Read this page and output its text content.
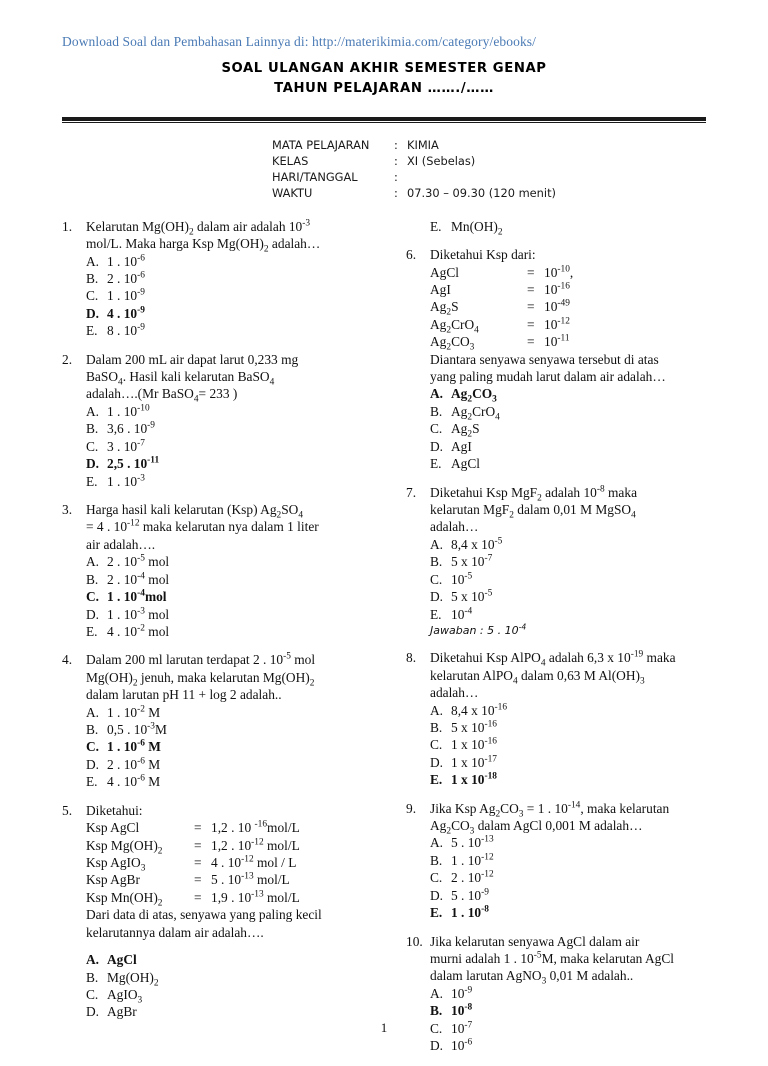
Download Soal dan Pembahasan Lainnya di: http://materikimia.com/category/ebooks/
SOAL ULANGAN AKHIR SEMESTER GENAP
TAHUN PELAJARAN ……./……
MATA PELAJARAN	: KIMIA
KELAS	: XI (Sebelas)
HARI/TANGGAL	:
WAKTU	: 07.30 – 09.30 (120 menit)
1.	Kelarutan $Mg(OH)_2$ dalam air adalah $10^{-3}$
mol/L. Maka harga Ksp $Mg(OH)_2$ adalah…
A. 1 . $10^{-6}$
B. 2 . $10^{-6}$
C. 1 . $10^{-9}$
D. 4 . $10^{-9}$
E. 8 . $10^{-9}$
2.	Dalam 200 mL air dapat larut 0,233 mg
BaSO$_4$. Hasil kali kelarutan BaSO$_4$
adalah….(Mr BaSO$_4$= 233 )
A. 1 . $10^{-10}$
B. 3,6 . $10^{-9}$
C. 3 . $10^{-7}$
D. 2,5 . $10^{-11}$
E. 1 . $10^{-3}$
3.	Harga hasil kali kelarutan (Ksp) $Ag_2SO_4$
= 4 . $10^{-12}$ maka kelarutan nya dalam 1 liter
air adalah….
A. 2 . $10^{-5}$ mol
B. 2 . $10^{-4}$ mol
C. 1 . $10^{-4}mol$
D. 1 . $10^{-3}$ mol
E. 4 . $10^{-2}$ mol
4.	Dalam 200 ml larutan terdapat 2 . $10^{-5}$ mol
$Mg(OH)_2$ jenuh, maka kelarutan $Mg(OH)_2$
dalam larutan pH 11 + log 2 adalah..
A. 1 . $10^{-2}$ M
B. 0,5 . $10^{-3}M$
C. 1 . $10^{-6}$ M
D. 2 . $10^{-6}$ M
E. 4 . $10^{-6}$ M
5.	Diketahui:
Ksp AgCl	= 1,2 . 10 $^{-16}$mol/L
Ksp $Mg(OH)_2$	= 1,2 . $10^{-12}$ mol/L
Ksp AgIO$_3$	= 4 . $10^{-12}$ mol / L
Ksp AgBr	= 5 . $10^{-13}$ mol/L
Ksp $Mn(OH)_2$	= 1,9 . $10^{-13}$ mol/L
Dari data di atas, senyawa yang paling kecil
kelarutannya dalam air adalah….
A. AgCl
B. $Mg(OH)_2$
C. AgIO$_3$
D. AgBr
E. $Mn(OH)_2$
6.	Diketahui Ksp dari:
AgCl	= $10^{-10}$,
AgI	= $10^{-16}$
$Ag_2S$	= $10^{-49}$
$Ag_2CrO_4$	= $10^{-12}$
$Ag_2CO_3$	= $10^{-11}$
Diantara senyawa senyawa tersebut di atas
yang paling mudah larut dalam air adalah…
A. $Ag_2CO_3$
B. $Ag_2CrO_4$
C. $Ag_2S$
D. AgI
E. AgCl
7.	Diketahui Ksp MgF$_2$ adalah $10^{-8}$ maka
kelarutan MgF$_2$ dalam 0,01 M MgSO$_4$
adalah…
A. 8,4 x $10^{-5}$
B. 5 x $10^{-7}$
C. $10^{-5}$
D. 5 x $10^{-5}$
E. $10^{-4}$
Jawaban : 5 . $10^{-4}$
8.	Diketahui Ksp AlPO$_4$ adalah 6,3 x $10^{-19}$ maka
kelarutan AlPO$_4$ dalam 0,63 M $Al(OH)_3$
adalah…
A. 8,4 x $10^{-16}$
B. 5 x $10^{-16}$
C. 1 x $10^{-16}$
D. 1 x $10^{-17}$
E. 1 x $10^{-18}$
9.	Jika Ksp $Ag_2CO_3 = 1$ . $10^{-14}$, maka kelarutan
$Ag_2CO_3$ dalam AgCl 0,001 M adalah…
A. 5 . $10^{-13}$
B. 1 . $10^{-12}$
C. 2 . $10^{-12}$
D. 5 . $10^{-9}$
E. 1 . $10^{-8}$
10. Jika kelarutan senyawa AgCl dalam air
murni adalah 1 . $10^{-5}M$, maka kelarutan AgCl
dalam larutan AgNO$_3$ 0,01 M adalah..
A. $10^{-9}$
B. $10^{-8}$
C. $10^{-7}$
D. $10^{-6}$
1
